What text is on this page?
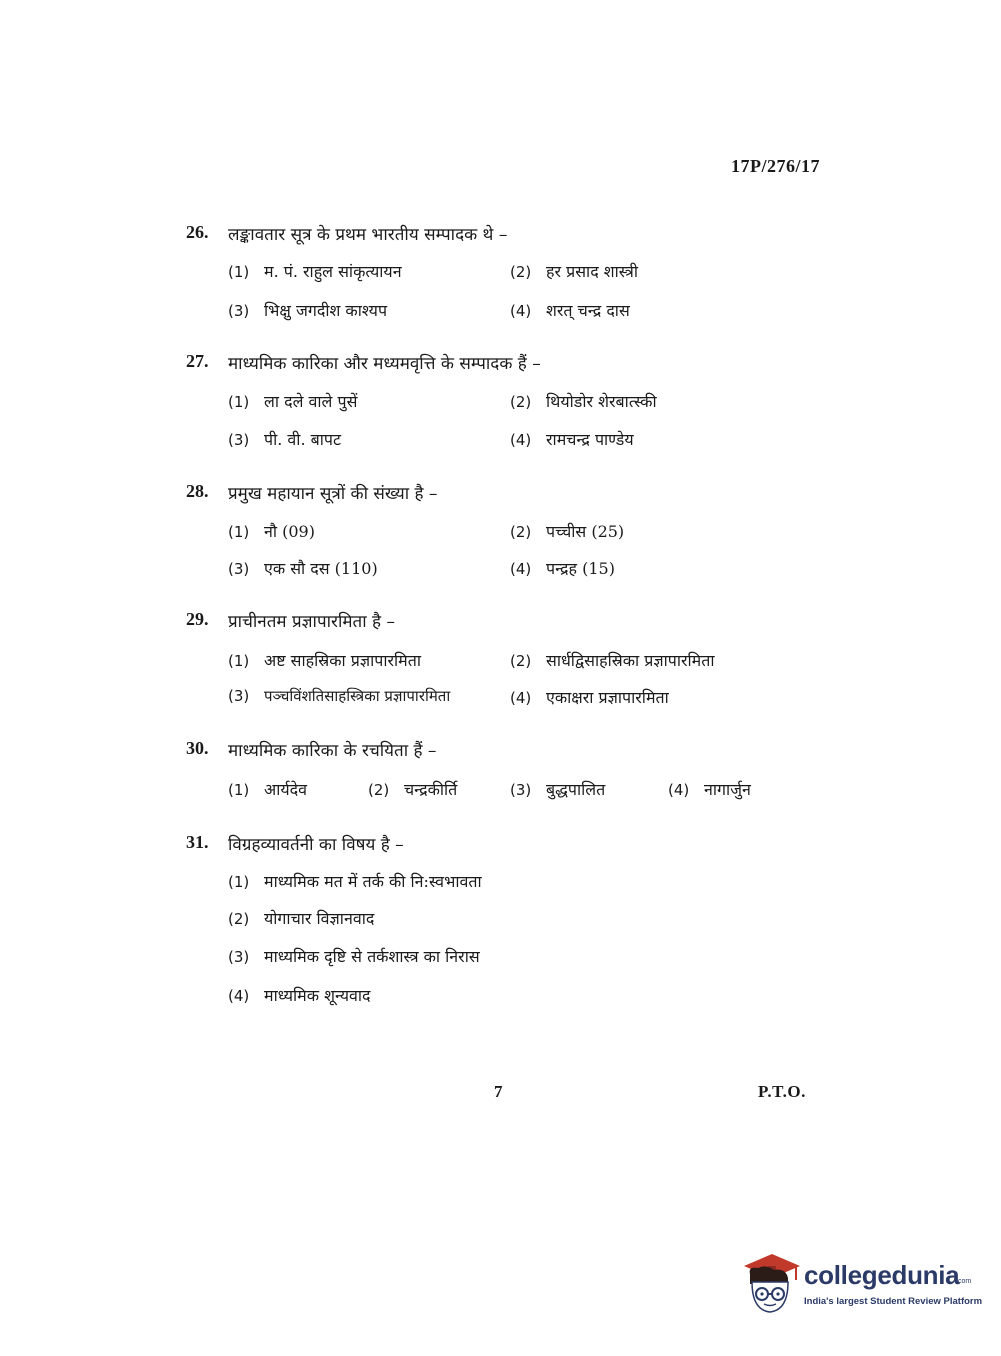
17P/276/17
26. लङ्कावतार सूत्र के प्रथम भारतीय सम्पादक थे –
(1) म. पं. राहुल सांकृत्यायन	(2) हर प्रसाद शास्त्री
(3) भिक्षु जगदीश काश्यप	(4) शरत् चन्द्र दास
27. माध्यमिक कारिका और मध्यमवृत्ति के सम्पादक हैं –
(1) ला दले वाले पुसें	(2) थियोडोर शेरबात्स्की
(3) पी. वी. बापट	(4) रामचन्द्र पाण्डेय
28. प्रमुख महायान सूत्रों की संख्या है –
(1) नौ (09)	(2) पच्चीस (25)
(3) एक सौ दस (110)	(4) पन्द्रह (15)
29. प्राचीनतम प्रज्ञापारमिता है –
(1) अष्ट साहस्रिका प्रज्ञापारमिता	(2) सार्धद्विसाहस्रिका प्रज्ञापारमिता
(3) पञ्चविंशतिसाहस्त्रिका प्रज्ञापारमिता	(4) एकाक्षरा प्रज्ञापारमिता
30. माध्यमिक कारिका के रचयिता हैं –
(1) आर्यदेव	(2) चन्द्रकीर्ति	(3) बुद्धपालित	(4) नागार्जुन
31. विग्रहव्यावर्तनी का विषय है –
(1) माध्यमिक मत में तर्क की नि:स्वभावता
(2) योगाचार विज्ञानवाद
(3) माध्यमिक दृष्टि से तर्कशास्त्र का निरास
(4) माध्यमिक शून्यवाद
7	P.T.O.
collegedunia
.com
India's largest Student Review Platform
